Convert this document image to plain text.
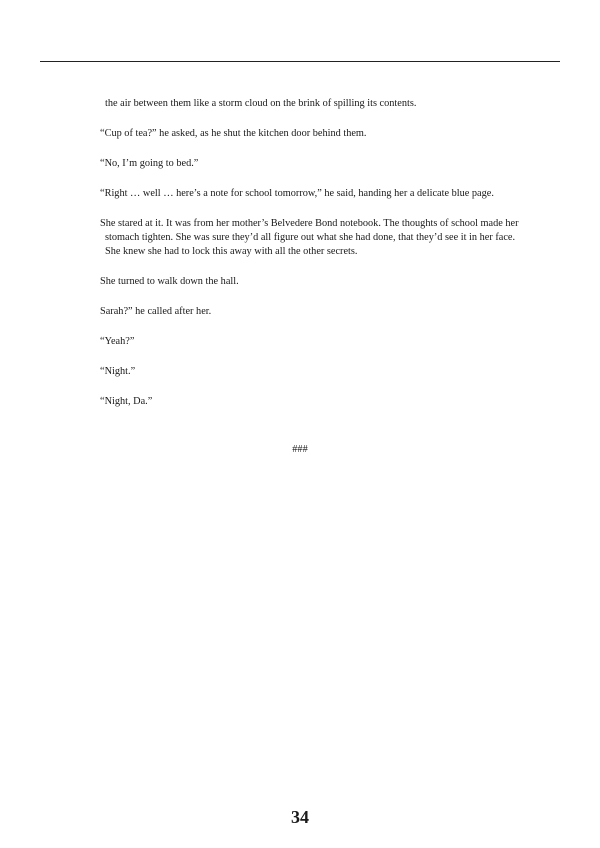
the air between them like a storm cloud on the brink of spilling its contents.

“Cup of tea?” he asked, as he shut the kitchen door behind them.

“No, I’m going to bed.”

“Right … well … here’s a note for school tomorrow,” he said, handing her a delicate blue page.

She stared at it. It was from her mother’s Belvedere Bond notebook. The thoughts of school made her stomach tighten. She was sure they’d all figure out what she had done, that they’d see it in her face. She knew she had to lock this away with all the other secrets.

She turned to walk down the hall.

Sarah?” he called after her.

“Yeah?”

“Night.”

“Night, Da.”

###
34
